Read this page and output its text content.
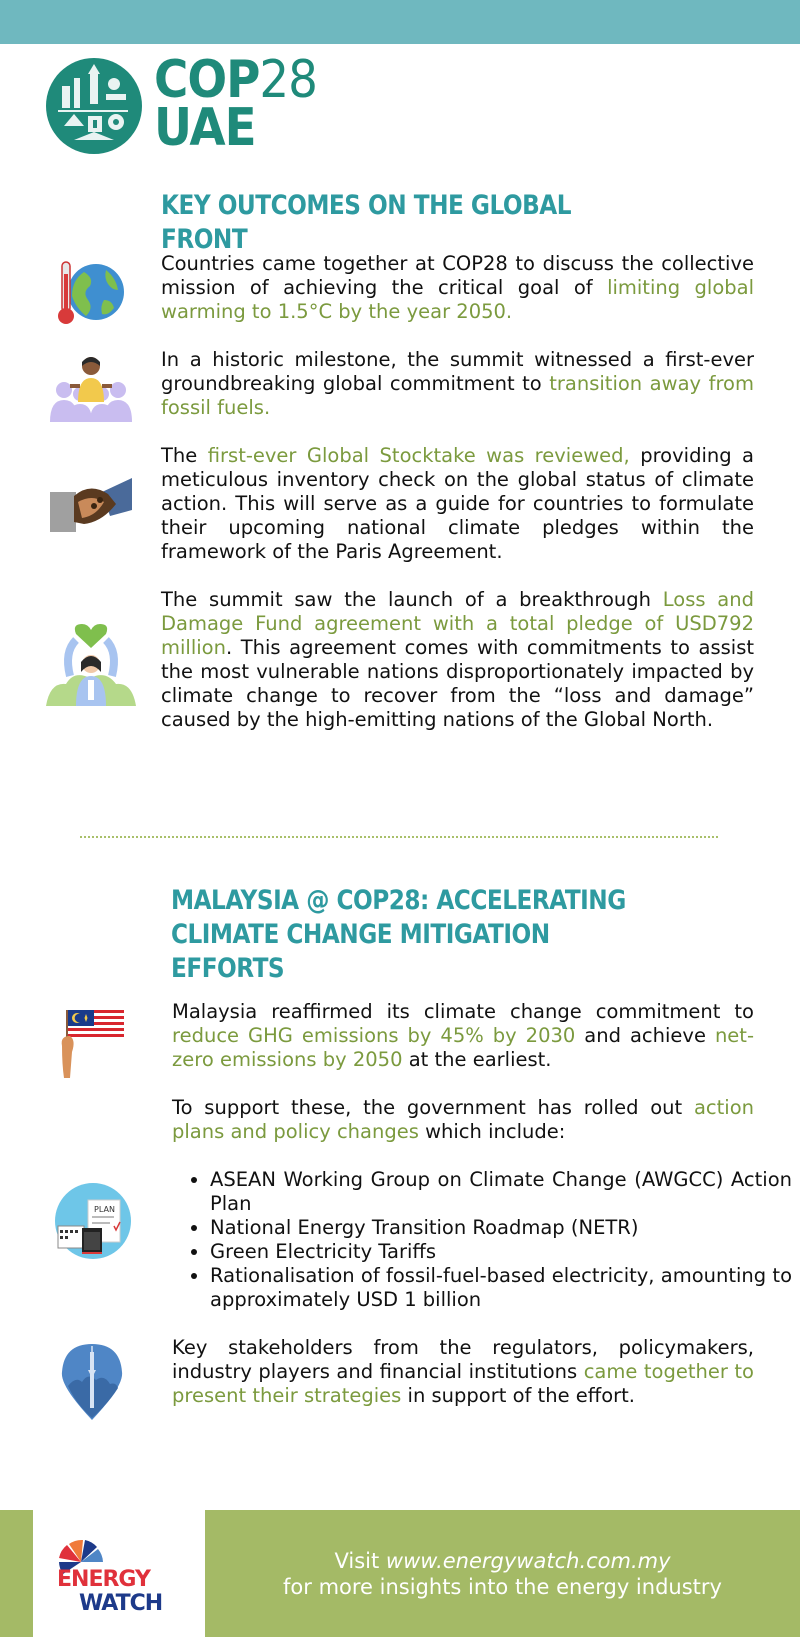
COP28
UAE
KEY OUTCOMES ON THE GLOBAL FRONT
Countries came together at COP28 to discuss the collective mission of achieving the critical goal of limiting global warming to 1.5°C by the year 2050.
In a historic milestone, the summit witnessed a first-ever groundbreaking global commitment to transition away from fossil fuels.
The first-ever Global Stocktake was reviewed, providing a meticulous inventory check on the global status of climate action. This will serve as a guide for countries to formulate their upcoming national climate pledges within the framework of the Paris Agreement.
The summit saw the launch of a breakthrough Loss and Damage Fund agreement with a total pledge of USD792 million. This agreement comes with commitments to assist the most vulnerable nations disproportionately impacted by climate change to recover from the “loss and damage” caused by the high-emitting nations of the Global North.
MALAYSIA @ COP28: ACCELERATING
CLIMATE CHANGE MITIGATION EFFORTS
Malaysia reaffirmed its climate change commitment to reduce GHG emissions by 45% by 2030 and achieve net-zero emissions by 2050 at the earliest.
To support these, the government has rolled out action plans and policy changes which include:
PLAN
• ASEAN Working Group on Climate Change (AWGCC) Action Plan
• National Energy Transition Roadmap (NETR)
• Green Electricity Tariffs
• Rationalisation of fossil-fuel-based electricity, amounting to approximately USD 1 billion
Key stakeholders from the regulators, policymakers, industry players and financial institutions came together to present their strategies in support of the effort.
ENERGY
WATCH
Visit www.energywatch.com.my
for more insights into the energy industry
